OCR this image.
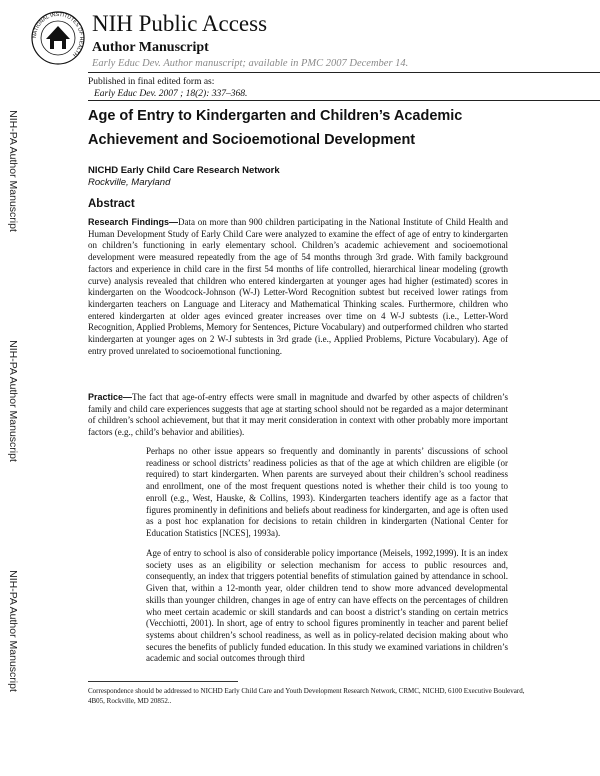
NATIONAL INSTITUTES OF HEALTH
NIH Public Access
Author Manuscript
Early Educ Dev. Author manuscript; available in PMC 2007 December 14.
Published in final edited form as:
Early Educ Dev. 2007 ; 18(2): 337–368.
NIH-PA Author Manuscript
NIH-PA Author Manuscript
NIH-PA Author Manuscript
Age of Entry to Kindergarten and Children’s Academic Achievement and Socioemotional Development
NICHD Early Child Care Research Network
Rockville, Maryland
Abstract
Research Findings—Data on more than 900 children participating in the National Institute of Child Health and Human Development Study of Early Child Care were analyzed to examine the effect of age of entry to kindergarten on children’s functioning in early elementary school. Children’s academic achievement and socioemotional development were measured repeatedly from the age of 54 months through 3rd grade. With family background factors and experience in child care in the first 54 months of life controlled, hierarchical linear modeling (growth curve) analysis revealed that children who entered kindergarten at younger ages had higher (estimated) scores in kindergarten on the Woodcock-Johnson (W-J) Letter-Word Recognition subtest but received lower ratings from kindergarten teachers on Language and Literacy and Mathematical Thinking scales. Furthermore, children who entered kindergarten at older ages evinced greater increases over time on 4 W-J subtests (i.e., Letter-Word Recognition, Applied Problems, Memory for Sentences, Picture Vocabulary) and outperformed children who started kindergarten at younger ages on 2 W-J subtests in 3rd grade (i.e., Applied Problems, Picture Vocabulary). Age of entry proved unrelated to socioemotional functioning.
Practice—The fact that age-of-entry effects were small in magnitude and dwarfed by other aspects of children’s family and child care experiences suggests that age at starting school should not be regarded as a major determinant of children’s school achievement, but that it may merit consideration in context with other probably more important factors (e.g., child’s behavior and abilities).
Perhaps no other issue appears so frequently and dominantly in parents’ discussions of school readiness or school districts’ readiness policies as that of the age at which children are eligible (or required) to start kindergarten. When parents are surveyed about their children’s school readiness and enrollment, one of the most frequent questions noted is whether their child is too young to enroll (e.g., West, Hauske, & Collins, 1993). Kindergarten teachers identify age as a factor that figures prominently in definitions and beliefs about readiness for kindergarten, and age is often used as a post hoc explanation for decisions to retain children in kindergarten (National Center for Education Statistics [NCES], 1993a).
Age of entry to school is also of considerable policy importance (Meisels, 1992,1999). It is an index society uses as an eligibility or selection mechanism for access to public resources and, consequently, an index that triggers potential benefits of stimulation gained by attendance in school. Given that, within a 12-month year, older children tend to show more advanced developmental skills than younger children, changes in age of entry can have effects on the percentages of children who meet certain academic or skill standards and can boost a district’s standing on certain metrics (Vecchiotti, 2001). In short, age of entry to school figures prominently in teacher and parent belief systems about children’s school readiness, as well as in policy-related decision making about who secures the benefits of publicly funded education. In this study we examined variations in children’s academic and social outcomes through third
Correspondence should be addressed to NICHD Early Child Care and Youth Development Research Network, CRMC, NICHD, 6100 Executive Boulevard, 4B05, Rockville, MD 20852..
